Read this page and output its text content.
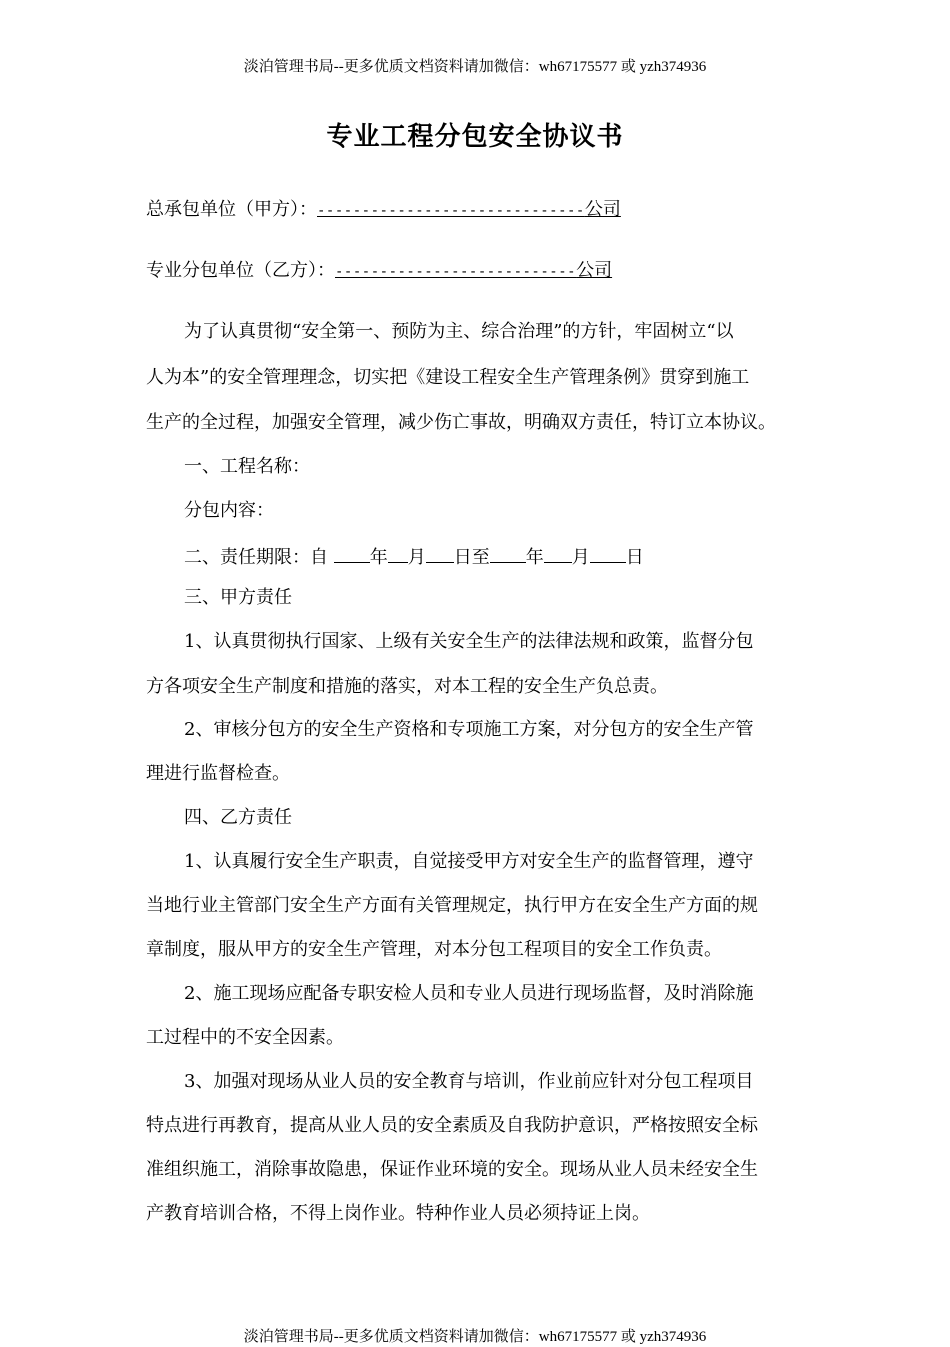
淡泊管理书局--更多优质文档资料请加微信：wh67175577 或 yzh374936
专业工程分包安全协议书
总承包单位（甲方）：------------------------------公司
专业分包单位（乙方）：---------------------------公司
为了认真贯彻“安全第一、预防为主、综合治理”的方针，牢固树立“以
人为本”的安全管理理念，切实把《建设工程安全生产管理条例》贯穿到施工
生产的全过程，加强安全管理，减少伤亡事故，明确双方责任，特订立本协议。
一、工程名称：
分包内容：
二、责任期限：自 年 月 日至 年 月 日
三、甲方责任
1、认真贯彻执行国家、上级有关安全生产的法律法规和政策，监督分包
方各项安全生产制度和措施的落实，对本工程的安全生产负总责。
2、审核分包方的安全生产资格和专项施工方案，对分包方的安全生产管
理进行监督检查。
四、乙方责任
1、认真履行安全生产职责，自觉接受甲方对安全生产的监督管理，遵守
当地行业主管部门安全生产方面有关管理规定，执行甲方在安全生产方面的规
章制度，服从甲方的安全生产管理，对本分包工程项目的安全工作负责。
2、施工现场应配备专职安检人员和专业人员进行现场监督，及时消除施
工过程中的不安全因素。
3、加强对现场从业人员的安全教育与培训，作业前应针对分包工程项目
特点进行再教育，提高从业人员的安全素质及自我防护意识，严格按照安全标
准组织施工，消除事故隐患，保证作业环境的安全。现场从业人员未经安全生
产教育培训合格，不得上岗作业。特种作业人员必须持证上岗。
淡泊管理书局--更多优质文档资料请加微信：wh67175577 或 yzh374936
